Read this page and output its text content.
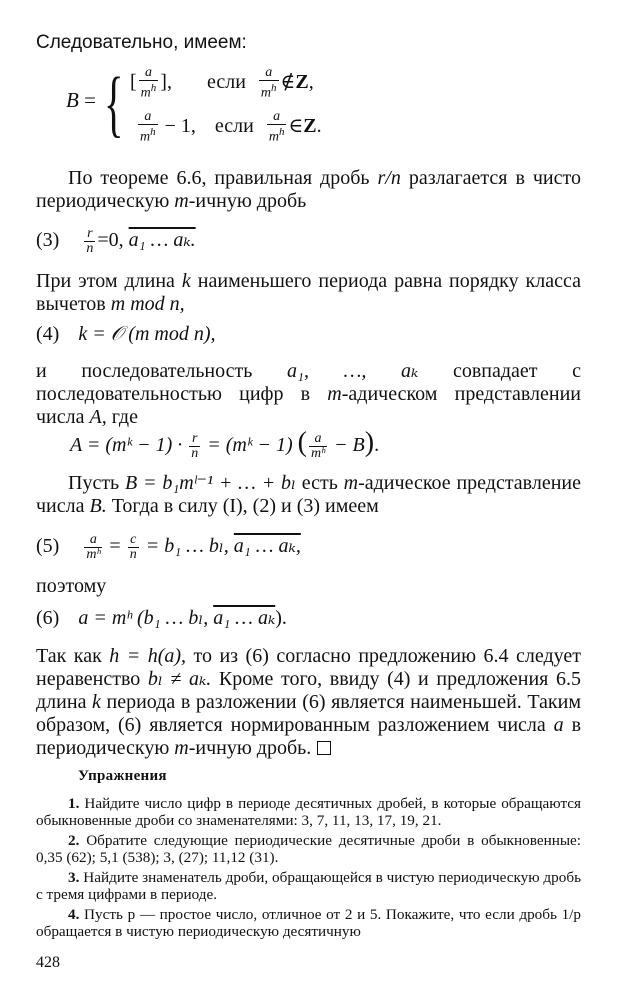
Следовательно, имеем:
B = { [ $\frac{a}{m^h}$ ], если $\frac{a}{m^h}$ ∉Z,
$\frac{a}{m^h} - 1$, если $\frac{a}{m^h}$ ∈Z.
По теореме 6.6, правильная дробь r/n разлагается в чисто периодическую m-ичную дробь
$(3) \frac{r}{n} =0$, a₁ … aₖ.
При этом длина k наименьшего периода равна порядку класса вычетов m mod n,
(4) k = 𝒪 (m mod n),
и последовательность a₁, …, aₖ совпадает с последовательностью цифр в m-адическом представлении числа A, где
A = (mᵏ − $1) \cdot \frac{r}{n}$ = (mᵏ − 1) ( $\frac{a}{\text{mʰ}} - B$).
Пусть B = b₁mˡ⁻¹ + … + bₗ есть m-адическое представление числа B. Тогда в силу (I), (2) и (3) имеем
$(5) \frac{a}{\text{mʰ}} = \frac{c}{n} = b_1$ … bₗ, a₁ … aₖ,
поэтому
(6) a = mʰ (b₁ … bₗ, a₁ … aₖ).
Так как h = h(a), то из (6) согласно предложению 6.4 следует неравенство bₗ ≠ aₖ. Кроме того, ввиду (4) и предложения 6.5 длина k периода в разложении (6) является наименьшей. Таким образом, (6) является нормированным разложением числа a в периодическую m-ичную дробь.
Упражнения
1. Найдите число цифр в периоде десятичных дробей, в которые обращаются обыкновенные дроби со знаменателями: 3, 7, 11, 13, 17, 19, 21.
2. Обратите следующие периодические десятичные дроби в обыкновенные: 0,35 (62); 5,1 (538); 3, (27); 11,12 (31).
3. Найдите знаменатель дроби, обращающейся в чистую периодическую дробь с тремя цифрами в периоде.
4. Пусть p — простое число, отличное от 2 и 5. Покажите, что если дробь 1/p обращается в чистую периодическую десятичную
428
